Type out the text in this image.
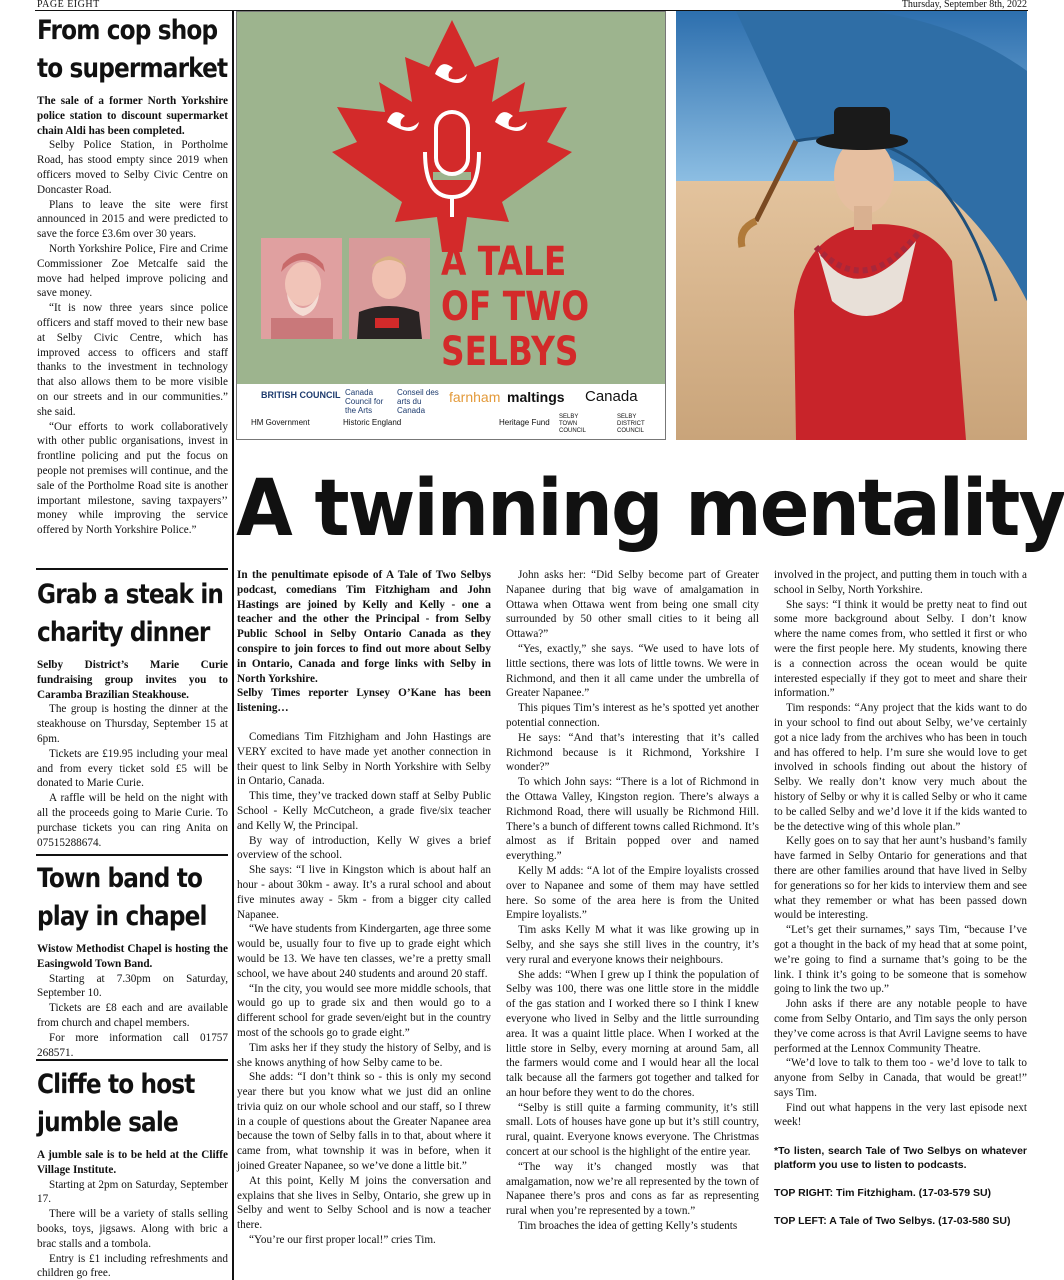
PAGE EIGHT	Thursday, September 8th, 2022
From cop shop
to supermarket

The sale of a former North Yorkshire police station to discount supermarket chain Aldi has been completed.

Selby Police Station, in Portholme Road, has stood empty since 2019 when officers moved to Selby Civic Centre on Doncaster Road.

Plans to leave the site were first announced in 2015 and were predicted to save the force £3.6m over 30 years.

North Yorkshire Police, Fire and Crime Commissioner Zoe Metcalfe said the move had helped improve policing and save money.

“It is now three years since police officers and staff moved to their new base at Selby Civic Centre, which has improved access to officers and staff thanks to the investment in technology that also allows them to be more visible on our streets and in our communities.” she said.

“Our efforts to work collaboratively with other public organisations, invest in frontline policing and put the focus on people not premises will continue, and the sale of the Portholme Road site is another important milestone, saving taxpayers’’ money while improving the service offered by North Yorkshire Police.”

Grab a steak in
charity dinner

Selby District’s Marie Curie fundraising group invites you to Caramba Brazilian Steakhouse.

The group is hosting the dinner at the steakhouse on Thursday, September 15 at 6pm.

Tickets are £19.95 including your meal and from every ticket sold £5 will be donated to Marie Curie.

A raffle will be held on the night with all the proceeds going to Marie Curie. To purchase tickets you can ring Anita on 07515288674.

Town band to
play in chapel

Wistow Methodist Chapel is hosting the Easingwold Town Band.

Starting at 7.30pm on Saturday, September 10.

Tickets are £8 each and are available from church and chapel members.

For more information call 01757 268571.

Cliffe to host
jumble sale

A jumble sale is to be held at the Cliffe Village Institute.

Starting at 2pm on Saturday, September 17.

There will be a variety of stalls selling books, toys, jigsaws. Along with bric a brac stalls and a tombola.

Entry is £1 including refreshments and children go free.

A TALE
OF TWO
SELBYS
BRITISH COUNCIL Canada Council for the Arts
Conseil des arts du Canada
farnham maltings Canada
HM Government	Historic England	Heritage Fund
SELBY TOWN COUNCIL
SELBY DISTRICT COUNCIL
A twinning mentality

In the penultimate episode of A Tale of Two Selbys podcast, comedians Tim Fitzhigham and John Hastings are joined by Kelly and Kelly - one a teacher and the other the Principal - from Selby Public School in Selby Ontario Canada as they conspire to join forces to find out more about Selby in Ontario, Canada and forge links with Selby in North Yorkshire.

Selby Times reporter Lynsey O’Kane has been listening…

Comedians Tim Fitzhigham and John Hastings are VERY excited to have made yet another connection in their quest to link Selby in North Yorkshire with Selby in Ontario, Canada.

This time, they’ve tracked down staff at Selby Public School - Kelly McCutcheon, a grade five/six teacher and Kelly W, the Principal.

By way of introduction, Kelly W gives a brief overview of the school.

She says: “I live in Kingston which is about half an hour - about 30km - away. It’s a rural school and about five minutes away - 5km - from a bigger city called Napanee.

“We have students from Kindergarten, age three some would be, usually four to five up to grade eight which would be 13. We have ten classes, we’re a pretty small school, we have about 240 students and around 20 staff.

“In the city, you would see more middle schools, that would go up to grade six and then would go to a different school for grade seven/eight but in the country most of the schools go to grade eight.”

Tim asks her if they study the history of Selby, and is she knows anything of how Selby came to be.

She adds: “I don’t think so - this is only my second year there but you know what we just did an online trivia quiz on our whole school and our staff, so I threw in a couple of questions about the Greater Napanee area because the town of Selby falls in to that, about where it came from, what township it was in before, when it joined Greater Napanee, so we’ve done a little bit.”

At this point, Kelly M joins the conversation and explains that she lives in Selby, Ontario, she grew up in Selby and went to Selby School and is now a teacher there.

“You’re our first proper local!” cries Tim.

John asks her: “Did Selby become part of Greater Napanee during that big wave of amalgamation in Ottawa when Ottawa went from being one small city surrounded by 50 other small cities to it being all Ottawa?”

“Yes, exactly,” she says. “We used to have lots of little sections, there was lots of little towns. We were in Richmond, and then it all came under the umbrella of Greater Napanee.”

This piques Tim’s interest as he’s spotted yet another potential connection.

He says: “And that’s interesting that it’s called Richmond because is it Richmond, Yorkshire I wonder?”

To which John says: “There is a lot of Richmond in the Ottawa Valley, Kingston region. There’s always a Richmond Road, there will usually be Richmond Hill. There’s a bunch of different towns called Richmond. It’s almost as if Britain popped over and named everything.”

Kelly M adds: “A lot of the Empire loyalists crossed over to Napanee and some of them may have settled here. So some of the area here is from the United Empire loyalists.”

Tim asks Kelly M what it was like growing up in Selby, and she says she still lives in the country, it’s very rural and everyone knows their neighbours.

She adds: “When I grew up I think the population of Selby was 100, there was one little store in the middle of the gas station and I worked there so I think I knew everyone who lived in Selby and the little surrounding area. It was a quaint little place. When I worked at the little store in Selby, every morning at around 5am, all the farmers would come and I would hear all the local talk because all the farmers got together and talked for an hour before they went to do the chores.

“Selby is still quite a farming community, it’s still small. Lots of houses have gone up but it’s still country, rural, quaint. Everyone knows everyone. The Christmas concert at our school is the highlight of the entire year.

“The way it’s changed mostly was that amalgamation, now we’re all represented by the town of Napanee there’s pros and cons as far as representing rural when you’re represented by a town.”

Tim broaches the idea of getting Kelly’s students

involved in the project, and putting them in touch with a school in Selby, North Yorkshire.

She says: “I think it would be pretty neat to find out some more background about Selby. I don’t know where the name comes from, who settled it first or who were the first people here. My students, knowing there is a connection across the ocean would be quite interested especially if they got to meet and share their information.”

Tim responds: “Any project that the kids want to do in your school to find out about Selby, we’ve certainly got a nice lady from the archives who has been in touch and has offered to help. I’m sure she would love to get involved in schools finding out about the history of Selby. We really don’t know very much about the history of Selby or why it is called Selby or who it came to be called Selby and we’d love it if the kids wanted to be the detective wing of this whole plan.”

Kelly goes on to say that her aunt’s husband’s family have farmed in Selby Ontario for generations and that there are other families around that have lived in Selby for generations so for her kids to interview them and see what they remember or what has been passed down would be interesting.

“Let’s get their surnames,” says Tim, “because I’ve got a thought in the back of my head that at some point, we’re going to find a surname that’s going to be the link. I think it’s going to be someone that is somehow going to link the two up.”

John asks if there are any notable people to have come from Selby Ontario, and Tim says the only person they’ve come across is that Avril Lavigne seems to have performed at the Lennox Community Theatre.

“We’d love to talk to them too - we’d love to talk to anyone from Selby in Canada, that would be great!” says Tim.

Find out what happens in the very last episode next week!

*To listen, search Tale of Two Selbys on whatever platform you use to listen to podcasts.

TOP RIGHT: Tim Fitzhigham. (17-03-579 SU)

TOP LEFT: A Tale of Two Selbys. (17-03-580 SU)
